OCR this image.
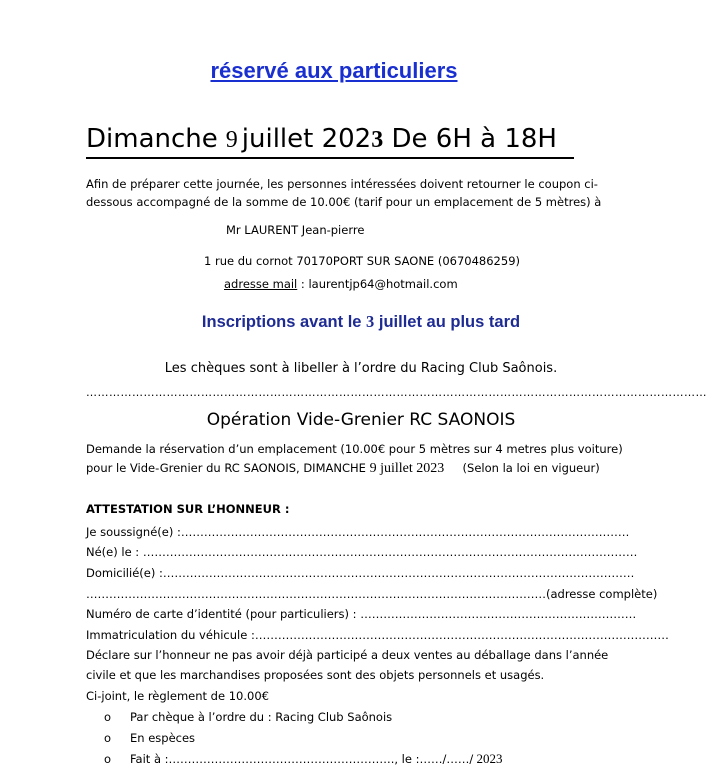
réservé aux particuliers
Dimanche 9 juillet 2023 De 6H à 18H
Afin de préparer cette journée, les personnes intéressées doivent retourner le coupon ci-
dessous accompagné de la somme de 10.00€ (tarif pour un emplacement de 5 mètres) à
Mr LAURENT Jean-pierre
1 rue du cornot 70170PORT SUR SAONE (0670486259)
adresse mail : laurentjp64@hotmail.com
Inscriptions avant le 3 juillet au plus tard
Les chèques sont à libeller à l’ordre du Racing Club Saônois.
………………………………………………………………………………………………………………………………………………
Opération Vide-Grenier RC SAONOIS
Demande la réservation d’un emplacement (10.00€ pour 5 mètres sur 4 metres plus voiture)
pour le Vide-Grenier du RC SAONOIS, DIMANCHE 9 juillet 2023 (Selon la loi en vigueur)
ATTESTATION SUR L’HONNEUR :
Je soussigné(e) :………………………………………………………………………………………………………
Né(e) le : …………………………………………………………………………………………………………………
Domicilié(e) :……………………………………………………………………………………………………………
…………………………………………………………………………………………………………(adresse complète)
Numéro de carte d’identité (pour particuliers) : ………………………………………………………………
Immatriculation du véhicule :………………………………………………………………………………………………
Déclare sur l’honneur ne pas avoir déjà participé a deux ventes au déballage dans l’année
civile et que les marchandises proposées sont des objets personnels et usagés.
Ci-joint, le règlement de 10.00€
o Par chèque à l’ordre du : Racing Club Saônois
o En espèces
o Fait à :………………………………………………….., le :……/……/ 2023
